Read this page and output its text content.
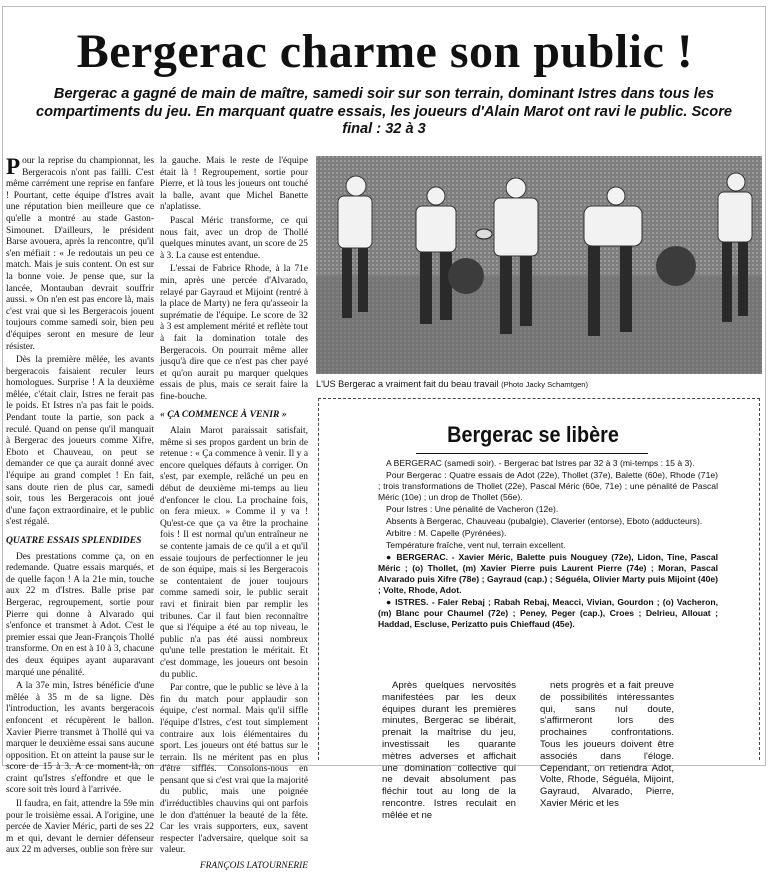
Bergerac charme son public !
Bergerac a gagné de main de maître, samedi soir sur son terrain, dominant Istres dans tous les compartiments du jeu. En marquant quatre essais, les joueurs d'Alain Marot ont ravi le public. Score final : 32 à 3

Pour la reprise du championnat, les Bergeracois n'ont pas failli. C'est même carrément une reprise en fanfare ! Pourtant, cette équipe d'Istres avait une réputation bien meilleure que ce qu'elle a montré au stade Gaston-Simounet. D'ailleurs, le président Barse avouera, après la rencontre, qu'il s'en méfiait : « Je redoutais un peu ce match. Mais je suis content. On est sur la bonne voie. Je pense que, sur la lancée, Montauban devrait souffrir aussi. » On n'en est pas encore là, mais c'est vrai que si les Bergeracois jouent toujours comme samedi soir, bien peu d'équipes seront en mesure de leur résister.

Dès la première mêlée, les avants bergeracois faisaient reculer leurs homologues. Surprise ! A la deuxième mêlée, c'était clair, Istres ne ferait pas le poids. Et Istres n'a pas fait le poids. Pendant toute la partie, son pack a reculé. Quand on pense qu'il manquait à Bergerac des joueurs comme Xifre, Eboto et Chauveau, on peut se demander ce que ça aurait donné avec l'équipe au grand complet ! En fait, sans doute rien de plus car, samedi soir, tous les Bergeracois ont joué d'une façon extraordinaire, et le public s'est régalé.

QUATRE ESSAIS SPLENDIDES

Des prestations comme ça, on en redemande. Quatre essais marqués, et de quelle façon ! A la 21e min, touche aux 22 m d'Istres. Balle prise par Bergerac, regroupement, sortie pour Pierre qui donne à Alvarado qui s'enfonce et transmet à Adot. C'est le premier essai que Jean-François Thollé transforme. On en est à 10 à 3, chacune des deux équipes ayant auparavant marqué une pénalité.

A la 37e min, Istres bénéficie d'une mêlée à 35 m de sa ligne. Dès l'introduction, les avants bergeracois enfoncent et récupèrent le ballon. Xavier Pierre transmet à Thollé qui va marquer le deuxième essai sans aucune opposition. Et on atteint la pause sur le score de 15 à 3. A ce moment-là, on craint qu'Istres s'effondre et que le score soit très lourd à l'arrivée.

Il faudra, en fait, attendre la 59e min pour le troisième essai. A l'origine, une percée de Xavier Méric, parti de ses 22 m et qui, devant le dernier défenseur aux 22 m adverses, oublie son frère sur

la gauche. Mais le reste de l'équipe était là ! Regroupement, sortie pour Pierre, et là tous les joueurs ont touché la balle, avant que Michel Banette n'aplatisse.

Pascal Méric transforme, ce qui nous fait, avec un drop de Thollé quelques minutes avant, un score de 25 à 3. La cause est entendue.

L'essai de Fabrice Rhode, à la 71e min, après une percée d'Alvarado, relayé par Gayraud et Mijoint (rentré à la place de Marty) ne fera qu'asseoir la suprématie de l'équipe. Le score de 32 à 3 est amplement mérité et reflète tout à fait la domination totale des Bergeracois. On pourrait même aller jusqu'à dire que ce n'est pas cher payé et qu'on aurait pu marquer quelques essais de plus, mais ce serait faire la fine-bouche.

« ÇA COMMENCE À VENIR »

Alain Marot paraissait satisfait, même si ses propos gardent un brin de retenue : « Ça commence à venir. Il y a encore quelques défauts à corriger. On s'est, par exemple, relâché un peu en début de deuxième mi-temps au lieu d'enfoncer le clou. La prochaine fois, on fera mieux. » Comme il y va ! Qu'est-ce que ça va être la prochaine fois ! Il est normal qu'un entraîneur ne se contente jamais de ce qu'il a et qu'il essaie toujours de perfectionner le jeu de son équipe, mais si les Bergeracois se contentaient de jouer toujours comme samedi soir, le public serait ravi et finirait bien par remplir les tribunes. Car il faut bien reconnaître que si l'équipe a été au top niveau, le public n'a pas été aussi nombreux qu'une telle prestation le méritait. Et c'est dommage, les joueurs ont besoin du public.

Par contre, que le public se lève à la fin du match pour applaudir son équipe, c'est normal. Mais qu'il siffle l'équipe d'Istres, c'est tout simplement contraire aux lois élémentaires du sport. Les joueurs ont été battus sur le terrain. Ils ne méritent pas en plus d'être sifflés. Consolons-nous en pensant que si c'est vrai que la majorité du public, mais une poignée d'irréductibles chauvins qui ont parfois le don d'atténuer la beauté de la fête. Car les vrais supporters, eux, savent respecter l'adversaire, quelque soit sa valeur.

FRANÇOIS LATOURNERIE

L'US Bergerac a vraiment fait du beau travail (Photo Jacky Schamtgen)
Bergerac se libère

A BERGERAC (samedi soir). - Bergerac bat Istres par 32 à 3 (mi-temps : 15 à 3).

Pour Bergerac : Quatre essais de Adot (22e), Thollet (37e), Balette (60e), Rhode (71e) ; trois transformations de Thollet (22e), Pascal Méric (60e, 71e) ; une pénalité de Pascal Méric (10e) ; un drop de Thollet (56e).

Pour Istres : Une pénalité de Vacheron (12e).

Absents à Bergerac, Chauveau (pubalgie), Claverier (entorse), Eboto (adducteurs).

Arbitre : M. Capelle (Pyrénées).

Température fraîche, vent nul, terrain excellent.

● BERGERAC. - Xavier Méric, Balette puis Nouguey (72e), Lidon, Tine, Pascal Méric ; (o) Thollet, (m) Xavier Pierre puis Laurent Pierre (74e) ; Moran, Pascal Alvarado puis Xifre (78e) ; Gayraud (cap.) ; Séguéla, Olivier Marty puis Mijoint (40e) ; Volte, Rhode, Adot.

● ISTRES. - Faler Rebaj ; Rabah Rebaj, Meacci, Vivian, Gourdon ; (o) Vacheron, (m) Blanc pour Chaumel (72e) ; Peney, Peger (cap.), Croes ; Delrieu, Allouat ; Haddad, Escluse, Perizatto puis Chieffaud (45e).

Après quelques nervosités manifestées par les deux équipes durant les premières minutes, Bergerac se libérait, prenait la maîtrise du jeu, investissait les quarante mètres adverses et affichait une domination collective qui ne devait absolument pas fléchir tout au long de la rencontre. Istres reculait en mêlée et ne

nets progrès et a fait preuve de possibilités intéressantes qui, sans nul doute, s'affirmeront lors des prochaines confrontations. Tous les joueurs doivent être associés dans l'éloge. Cependant, on retiendra Adot, Volte, Rhode, Séguéla, Mijoint, Gayraud, Alvarado, Pierre, Xavier Méric et les
